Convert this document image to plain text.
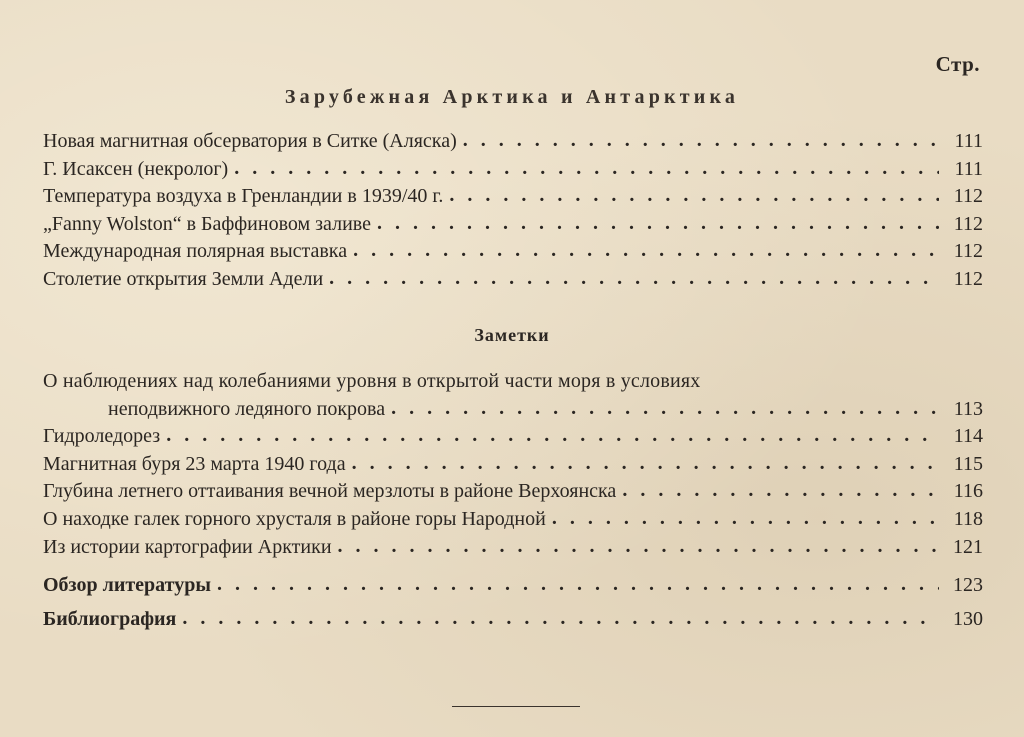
Стр.
Зарубежная Арктика и Антарктика
Новая магнитная обсерватория в Ситке (Аляска) . . .	111
Г. Исаксен (некролог) . . .	111
Температура воздуха в Гренландии в 1939/40 г. . . .	112
„Fanny Wolston“ в Баффиновом заливе . . .	112
Международная полярная выставка . . .	112
Столетие открытия Земли Адели . . .	112
Заметки
О наблюдениях над колебаниями уровня в открытой части моря в условиях
неподвижного ледяного покрова . . .	113
Гидроледорез . . .	114
Магнитная буря 23 марта 1940 года . . .	115
Глубина летнего оттаивания вечной мерзлоты в районе Верхоянска . . .	116
О находке галек горного хрусталя в районе горы Народной . . .	118
Из истории картографии Арктики . . .	121
Обзор литературы . . .	123
Библиография . . .	130
